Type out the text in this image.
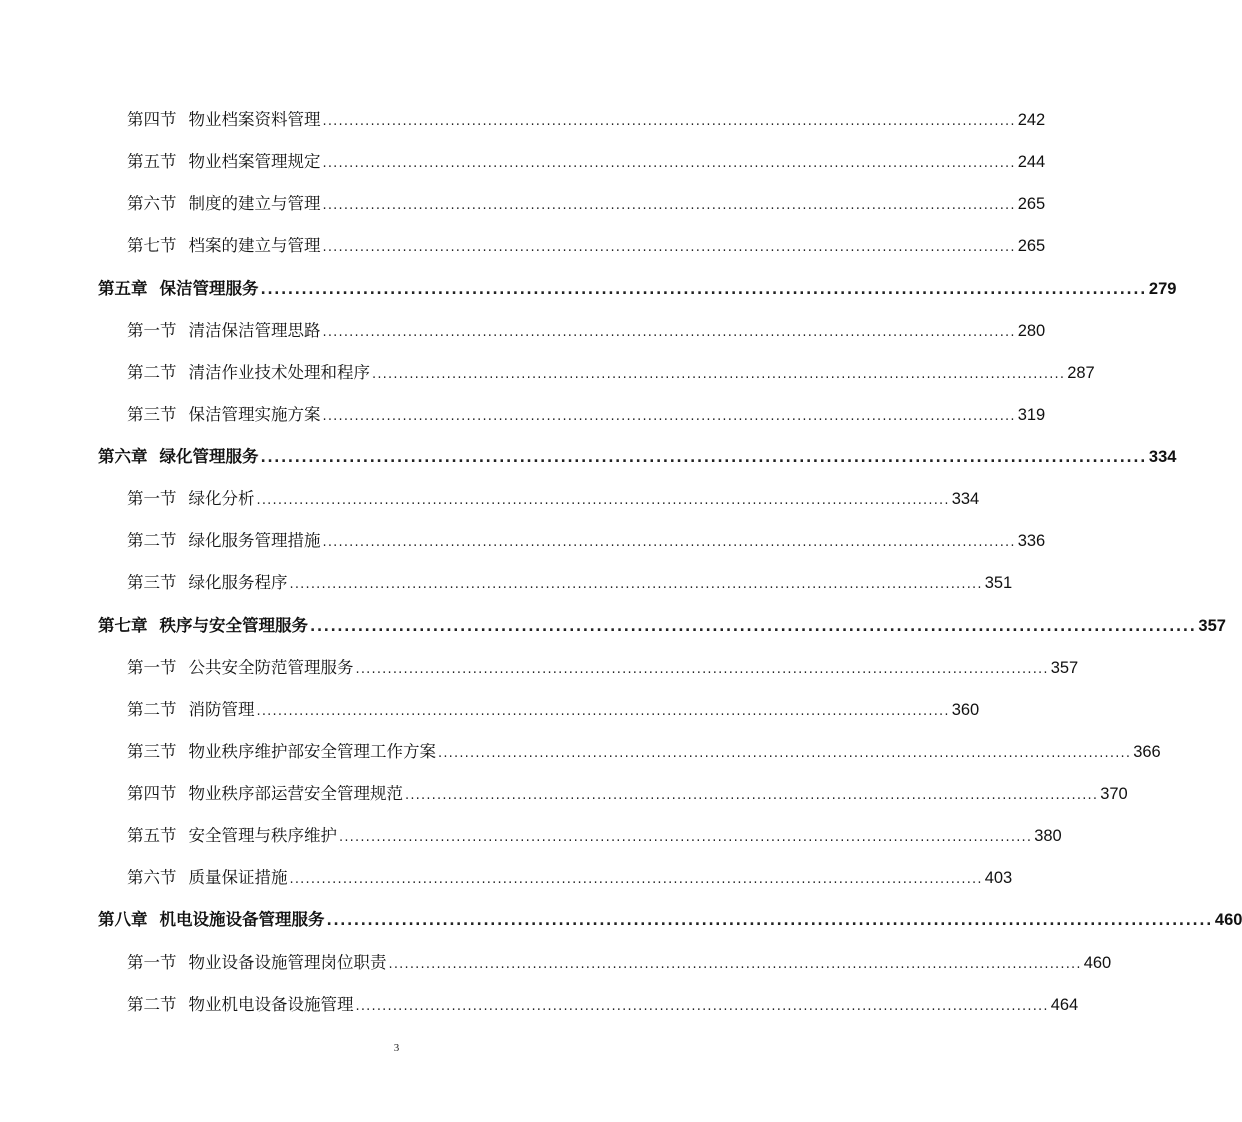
第四节 物业档案资料管理 .................................................................................................................................. 242
第五节 物业档案管理规定 .................................................................................................................................. 244
第六节 制度的建立与管理 .................................................................................................................................. 265
第七节 档案的建立与管理 .................................................................................................................................. 265
第五章 保洁管理服务 .................................................................................................................................. 279
第一节 清洁保洁管理思路 .................................................................................................................................. 280
第二节 清洁作业技术处理和程序 .................................................................................................................................. 287
第三节 保洁管理实施方案 .................................................................................................................................. 319
第六章 绿化管理服务 .................................................................................................................................. 334
第一节 绿化分析 .................................................................................................................................. 334
第二节 绿化服务管理措施 .................................................................................................................................. 336
第三节 绿化服务程序 .................................................................................................................................. 351
第七章 秩序与安全管理服务 .................................................................................................................................. 357
第一节 公共安全防范管理服务 .................................................................................................................................. 357
第二节 消防管理 .................................................................................................................................. 360
第三节 物业秩序维护部安全管理工作方案 .................................................................................................................................. 366
第四节 物业秩序部运营安全管理规范 .................................................................................................................................. 370
第五节 安全管理与秩序维护 .................................................................................................................................. 380
第六节 质量保证措施 .................................................................................................................................. 403
第八章 机电设施设备管理服务 .................................................................................................................................. 460
第一节 物业设备设施管理岗位职责 .................................................................................................................................. 460
第二节 物业机电设备设施管理 .................................................................................................................................. 464
3
